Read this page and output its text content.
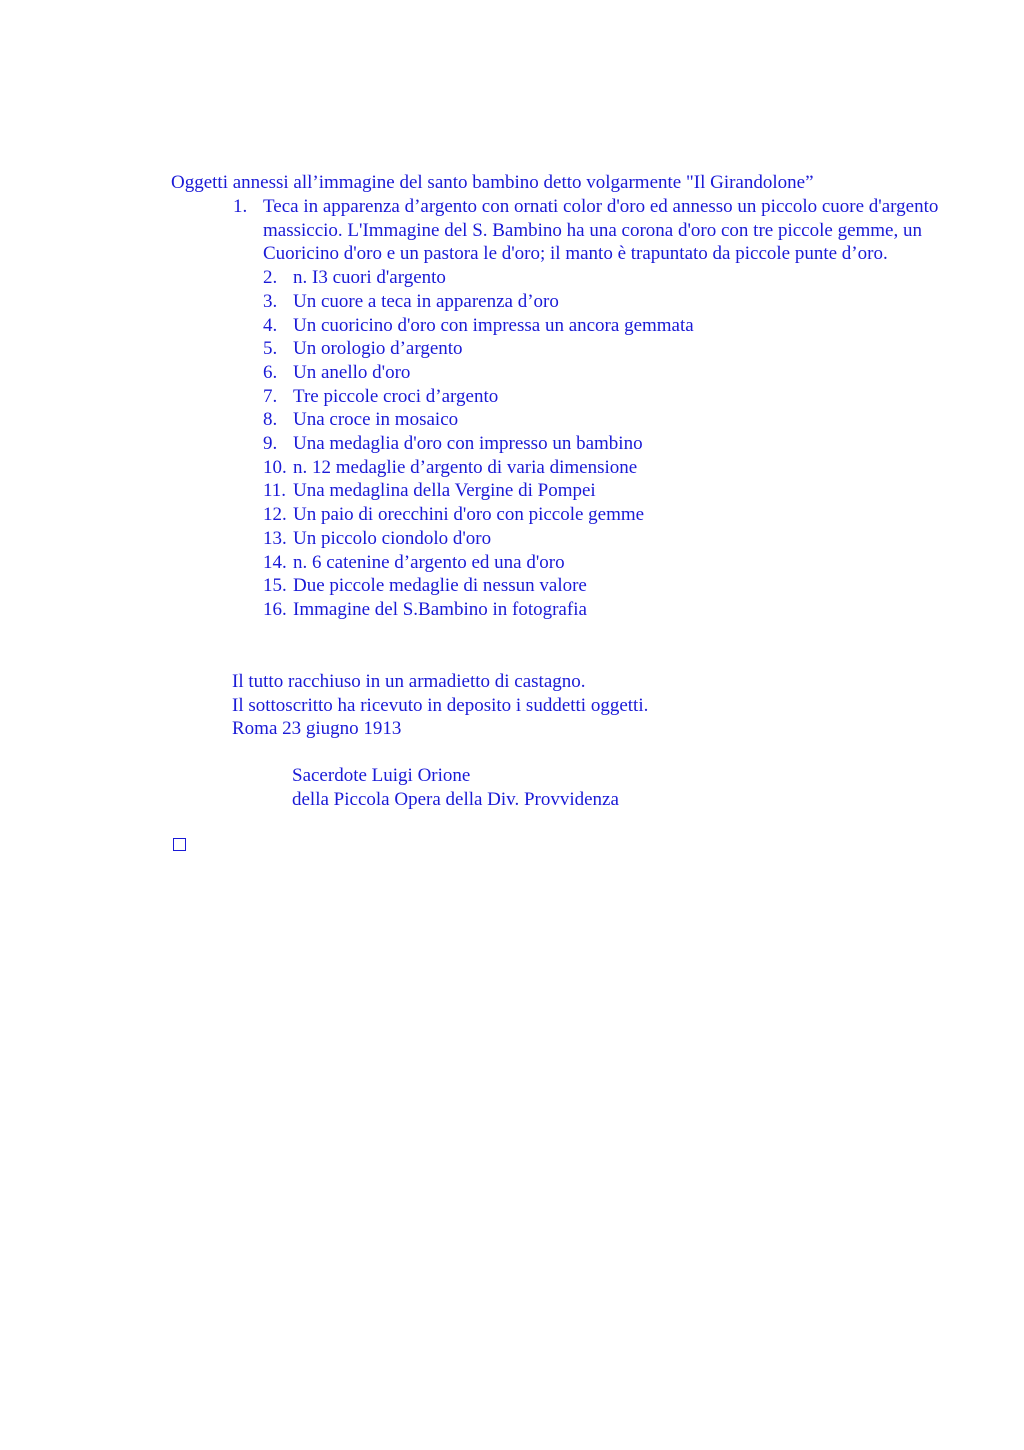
Oggetti annessi all’immagine del santo bambino detto volgarmente "Il Girandolone”
1. Teca in apparenza d’argento con ornati color d'oro ed annesso un piccolo cuore d'argento massiccio. L'Immagine del S. Bambino ha una corona d'oro con tre piccole gemme, un Cuoricino d'oro e un pastora le d'oro; il manto è trapuntato da piccole punte d’oro.
2. n. I3 cuori d'argento
3. Un cuore a teca in apparenza d’oro
4. Un cuoricino d'oro con impressa un ancora gemmata
5. Un orologio d’argento
6. Un anello d'oro
7. Tre piccole croci d’argento
8. Una croce in mosaico
9. Una medaglia d'oro con impresso un bambino
10. n. 12 medaglie d’argento di varia dimensione
11. Una medaglina della Vergine di Pompei
12. Un paio di orecchini d'oro con piccole gemme
13. Un piccolo ciondolo d'oro
14. n. 6 catenine d’argento ed una d'oro
15. Due piccole medaglie di nessun valore
16. Immagine del S.Bambino in fotografia
Il tutto racchiuso in un armadietto di castagno.
Il sottoscritto ha ricevuto in deposito i suddetti oggetti.
Roma 23 giugno 1913
Sacerdote Luigi Orione
della Piccola Opera della Div. Provvidenza
